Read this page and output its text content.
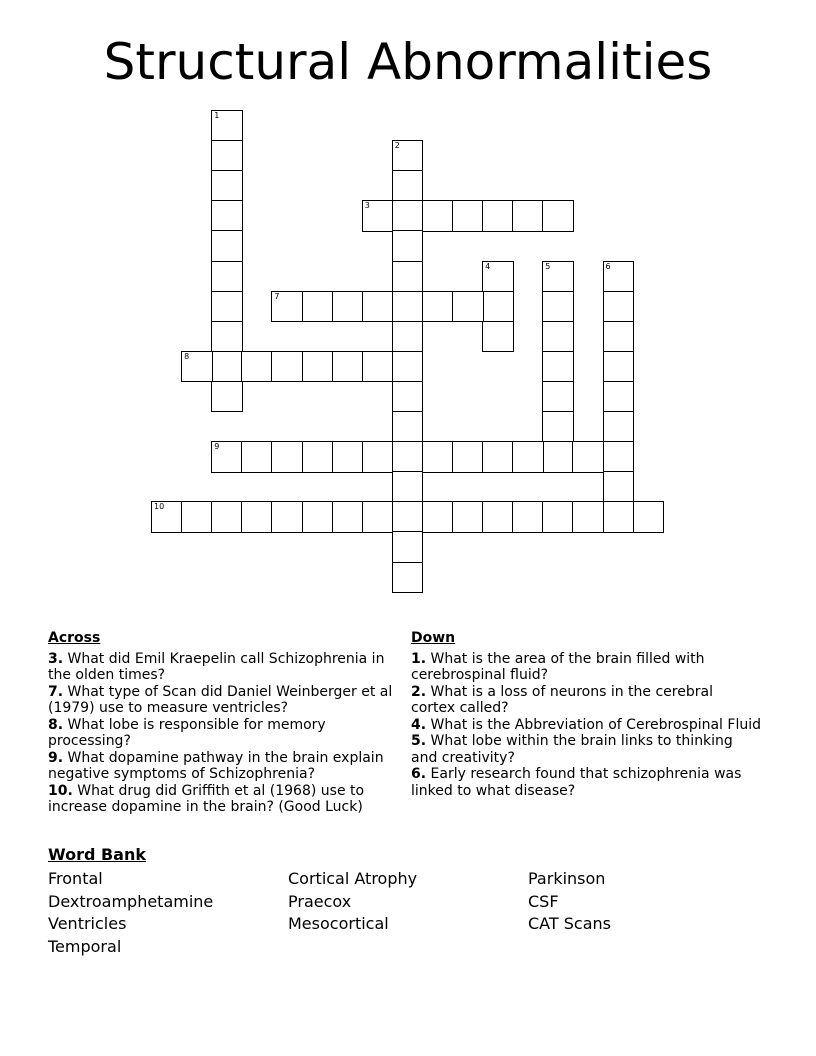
Structural Abnormalities
1
2
3
4	5	6
7
8
9
10
Across
3. What did Emil Kraepelin call Schizophrenia in the olden times?
7. What type of Scan did Daniel Weinberger et al (1979) use to measure ventricles?
8. What lobe is responsible for memory processing?
9. What dopamine pathway in the brain explain negative symptoms of Schizophrenia?
10. What drug did Griffith et al (1968) use to increase dopamine in the brain? (Good Luck)
Down
1. What is the area of the brain filled with cerebrospinal fluid?
2. What is a loss of neurons in the cerebral cortex called?
4. What is the Abbreviation of Cerebrospinal Fluid
5. What lobe within the brain links to thinking and creativity?
6. Early research found that schizophrenia was linked to what disease?
Word Bank
Frontal
Dextroamphetamine
Ventricles
Temporal
Cortical Atrophy
Praecox
Mesocortical
Parkinson
CSF
CAT Scans
